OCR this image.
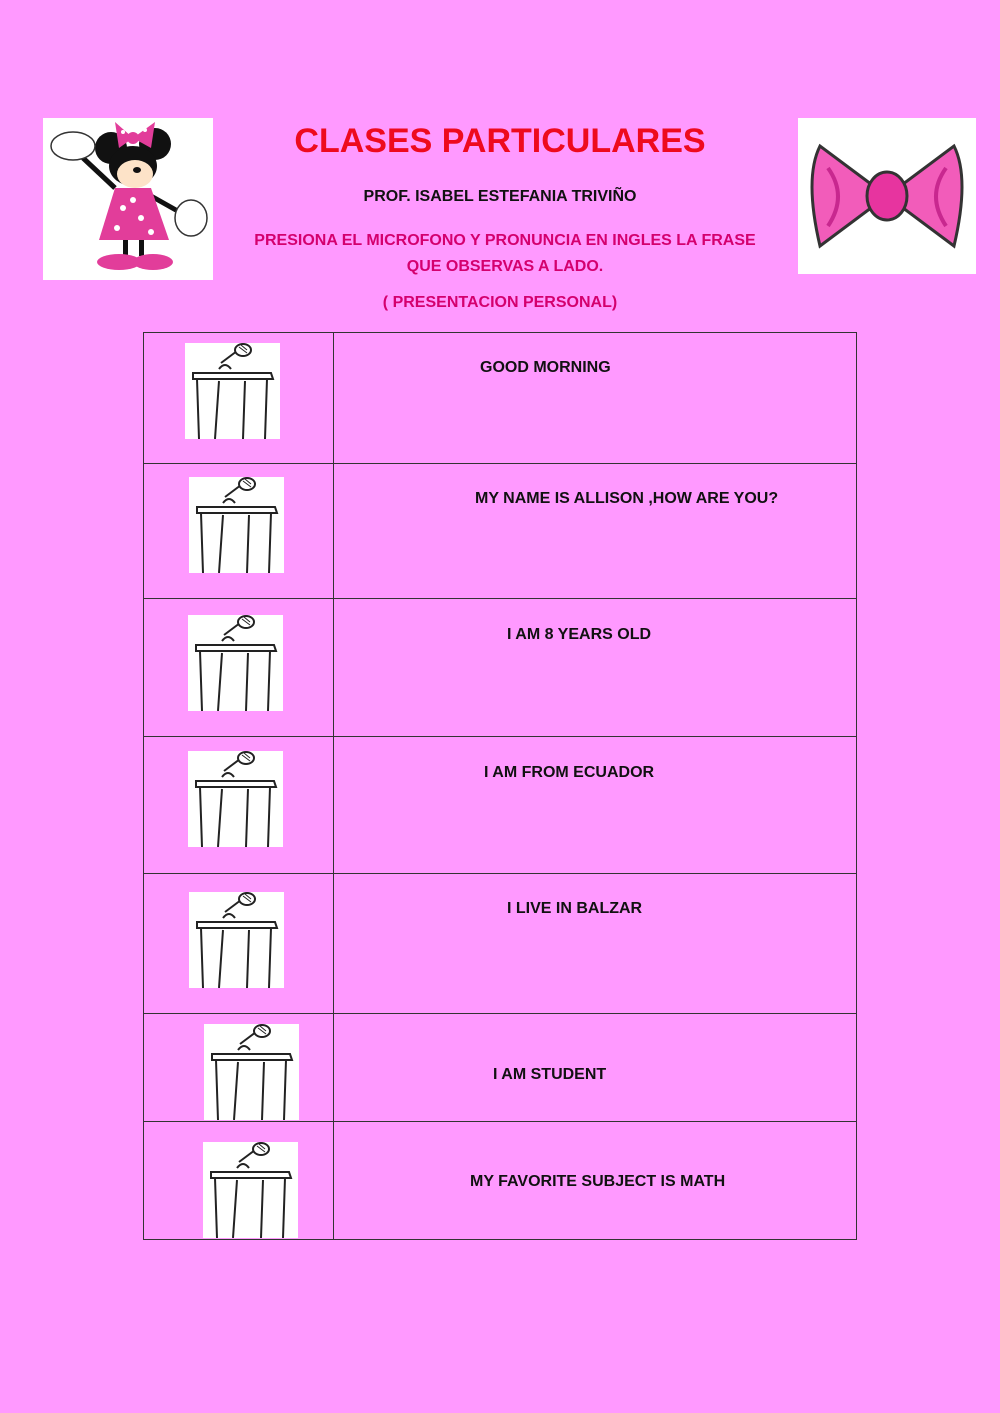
CLASES PARTICULARES
PROF. ISABEL ESTEFANIA TRIVIÑO
PRESIONA EL MICROFONO Y PRONUNCIA EN INGLES LA FRASE
QUE OBSERVAS A LADO.
( PRESENTACION PERSONAL)

GOOD MORNING

MY NAME IS ALLISON ,HOW ARE YOU?

I AM 8 YEARS OLD

I AM FROM ECUADOR

I LIVE IN BALZAR

I AM STUDENT

MY FAVORITE SUBJECT IS MATH
